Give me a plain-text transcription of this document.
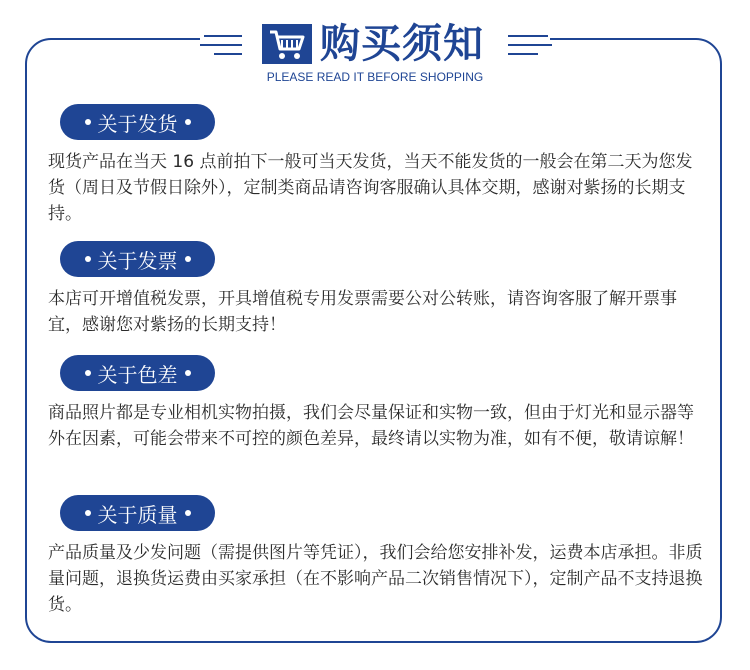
购买须知
PLEASE READ IT BEFORE SHOPPING
关于发货
现货产品在当天 16 点前拍下一般可当天发货，当天不能发货的一般会在第二天为您发货（周日及节假日除外），定制类商品请咨询客服确认具体交期，感谢对紫扬的长期支持。
关于发票
本店可开增值税发票，开具增值税专用发票需要公对公转账，请咨询客服了解开票事宜，感谢您对紫扬的长期支持！
关于色差
商品照片都是专业相机实物拍摄，我们会尽量保证和实物一致，但由于灯光和显示器等外在因素，可能会带来不可控的颜色差异，最终请以实物为准，如有不便，敬请谅解！
关于质量
产品质量及少发问题（需提供图片等凭证），我们会给您安排补发，运费本店承担。非质量问题，退换货运费由买家承担（在不影响产品二次销售情况下），定制产品不支持退换货。
